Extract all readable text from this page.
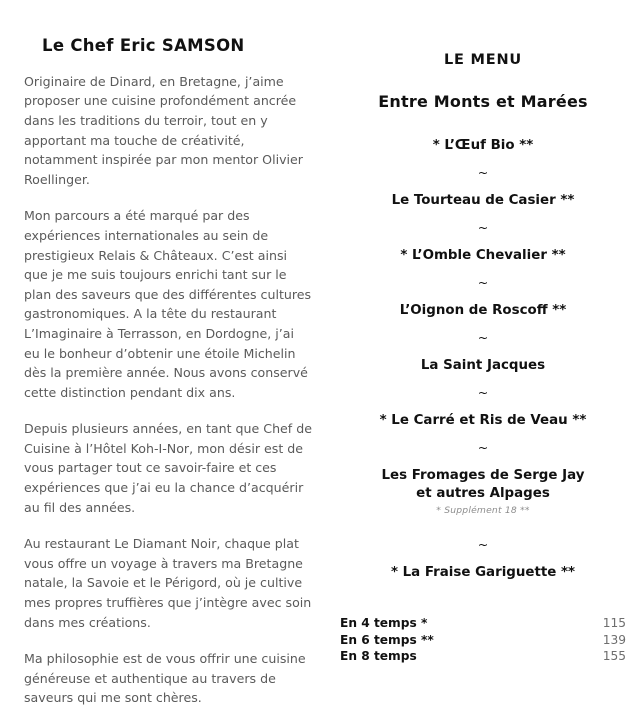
Le Chef Eric SAMSON

Originaire de Dinard, en Bretagne, j’aime proposer une cuisine profondément ancrée dans les traditions du terroir, tout en y apportant ma touche de créativité, notamment inspirée par mon mentor Olivier Roellinger.

Mon parcours a été marqué par des expériences internationales au sein de prestigieux Relais & Châteaux. C’est ainsi que je me suis toujours enrichi tant sur le plan des saveurs que des différentes cultures gastronomiques. A la tête du restaurant L’Imaginaire à Terrasson, en Dordogne, j’ai eu le bonheur d’obtenir une étoile Michelin dès la première année. Nous avons conservé cette distinction pendant dix ans.

Depuis plusieurs années, en tant que Chef de Cuisine à l’Hôtel Koh-I-Nor, mon désir est de vous partager tout ce savoir-faire et ces expériences que j’ai eu la chance d’acquérir au fil des années.

Au restaurant Le Diamant Noir, chaque plat vous offre un voyage à travers ma Bretagne natale, la Savoie et le Périgord, où je cultive mes propres truffières que j’intègre avec soin dans mes créations.

Ma philosophie est de vous offrir une cuisine généreuse et authentique au travers de saveurs qui me sont chères.

LE MENU
Entre Monts et Marées
* L’Œuf Bio **
~
Le Tourteau de Casier **
~
* L’Omble Chevalier **
~
L’Oignon de Roscoff **
~
La Saint Jacques
~
* Le Carré et Ris de Veau **
~
Les Fromages de Serge Jay
et autres Alpages
* Supplément 18 **
~
* La Fraise Gariguette **
En 4 temps *	115
En 6 temps **	139
En 8 temps	155
